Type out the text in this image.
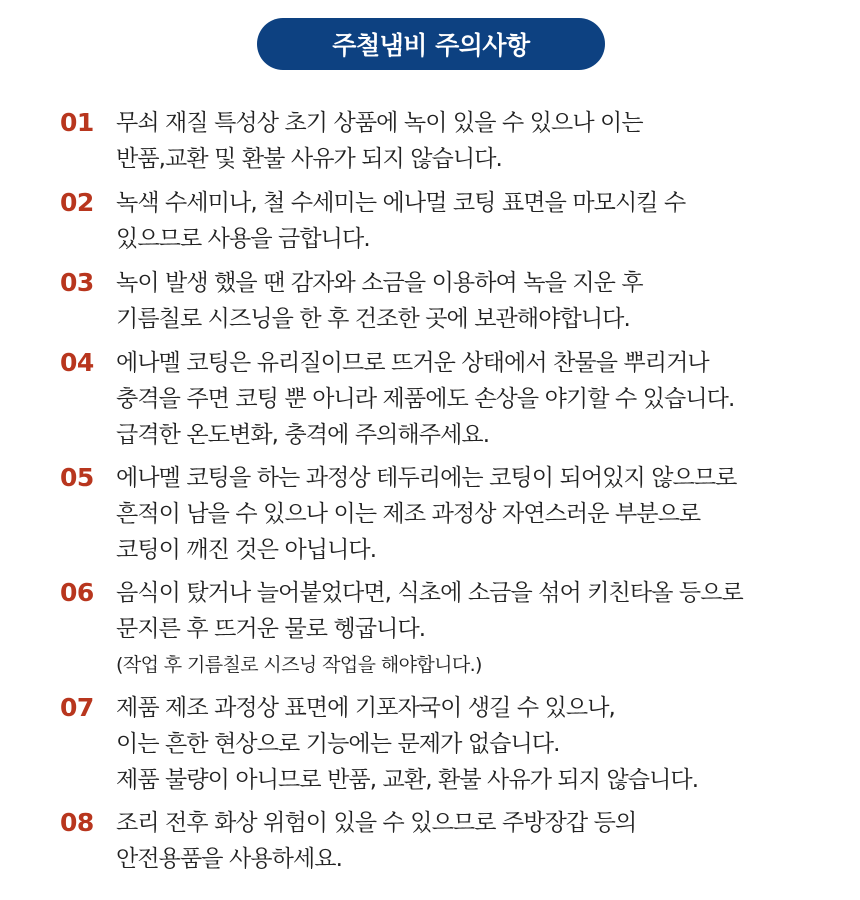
주철냄비 주의사항
01 무쇠 재질 특성상 초기 상품에 녹이 있을 수 있으나 이는
반품,교환 및 환불 사유가 되지 않습니다.
02 녹색 수세미나, 철 수세미는 에나멀 코팅 표면을 마모시킬 수
있으므로 사용을 금합니다.
03 녹이 발생 했을 땐 감자와 소금을 이용하여 녹을 지운 후
기름칠로 시즈닝을 한 후 건조한 곳에 보관해야합니다.
04 에나멜 코팅은 유리질이므로 뜨거운 상태에서 찬물을 뿌리거나
충격을 주면 코팅 뿐 아니라 제품에도 손상을 야기할 수 있습니다.
급격한 온도변화, 충격에 주의해주세요.
05 에나멜 코팅을 하는 과정상 테두리에는 코팅이 되어있지 않으므로
흔적이 남을 수 있으나 이는 제조 과정상 자연스러운 부분으로
코팅이 깨진 것은 아닙니다.
06 음식이 탔거나 늘어붙었다면, 식초에 소금을 섞어 키친타올 등으로
문지른 후 뜨거운 물로 헹굽니다.
(작업 후 기름칠로 시즈닝 작업을 해야합니다.)
07 제품 제조 과정상 표면에 기포자국이 생길 수 있으나,
이는 흔한 현상으로 기능에는 문제가 없습니다.
제품 불량이 아니므로 반품, 교환, 환불 사유가 되지 않습니다.
08 조리 전후 화상 위험이 있을 수 있으므로 주방장갑 등의
안전용품을 사용하세요.
